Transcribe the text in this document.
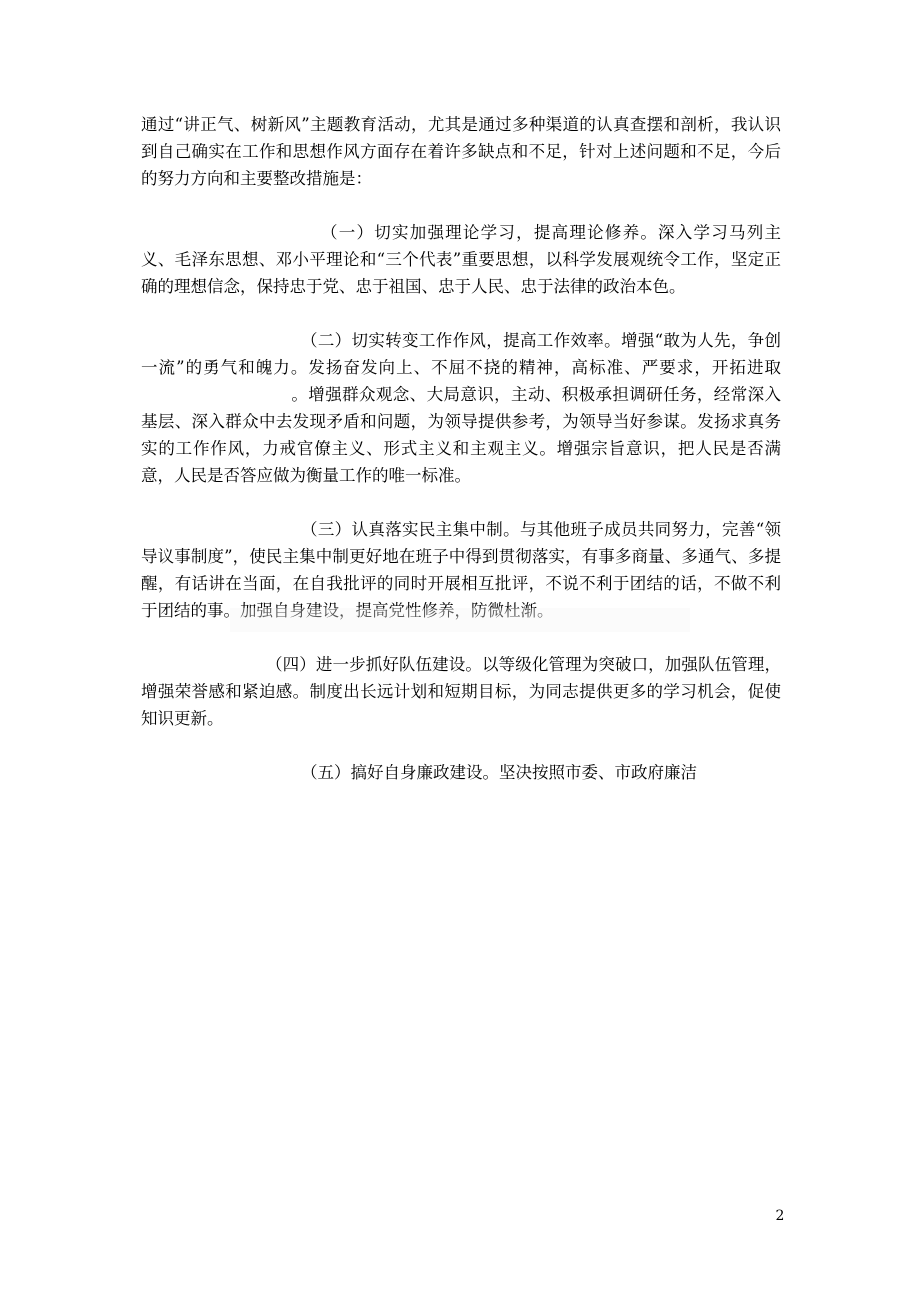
通过“讲正气、树新风”主题教育活动，尤其是通过多种渠道的认真查摆和剖析，我认识到自己确实在工作和思想作风方面存在着许多缺点和不足，针对上述问题和不足，今后的努力方向和主要整改措施是：

（一）切实加强理论学习，提高理论修养。深入学习马列主义、毛泽东思想、邓小平理论和“三个代表”重要思想，以科学发展观统令工作，坚定正确的理想信念，保持忠于党、忠于祖国、忠于人民、忠于法律的政治本色。

（二）切实转变工作作风，提高工作效率。增强“敢为人先，争创一流”的勇气和魄力。发扬奋发向上、不屈不挠的精神，高标准、严要求，开拓进取。增强群众观念、大局意识，主动、积极承担调研任务，经常深入基层、深入群众中去发现矛盾和问题，为领导提供参考，为领导当好参谋。发扬求真务实的工作作风，力戒官僚主义、形式主义和主观主义。增强宗旨意识，把人民是否满意，人民是否答应做为衡量工作的唯一标准。

（三）认真落实民主集中制。与其他班子成员共同努力，完善“领导议事制度”，使民主集中制更好地在班子中得到贯彻落实，有事多商量、多通气、多提醒，有话讲在当面，在自我批评的同时开展相互批评，不说不利于团结的话，不做不利于团结的事。加强自身建设，提高党性修养，防微杜渐。

（四）进一步抓好队伍建设。以等级化管理为突破口，加强队伍管理，增强荣誉感和紧迫感。制度出长远计划和短期目标，为同志提供更多的学习机会，促使知识更新。

（五）搞好自身廉政建设。坚决按照市委、市政府廉洁

2
